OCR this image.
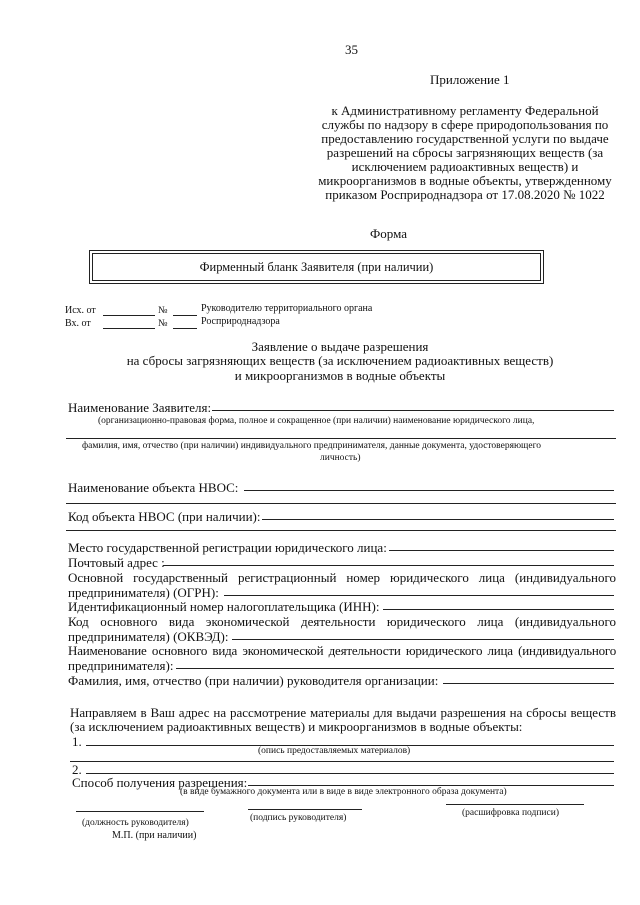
35
Приложение 1
к Административному регламенту Федеральной
службы по надзору в сфере природопользования по
предоставлению государственной услуги по выдаче
разрешений на сбросы загрязняющих веществ (за
исключением радиоактивных веществ) и
микроорганизмов в водные объекты, утвержденному
приказом Росприроднадзора от 17.08.2020 № 1022
Форма
Фирменный бланк Заявителя (при наличии)
Исх. от	№	Руководителю территориального органа
Вх. от	№	Росприроднадзора
Заявление о выдаче разрешения
на сбросы загрязняющих веществ (за исключением радиоактивных веществ)
и микроорганизмов в водные объекты
Наименование Заявителя:
(организационно-правовая форма, полное и сокращенное (при наличии) наименование юридического лица,
фамилия, имя, отчество (при наличии) индивидуального предпринимателя, данные документа, удостоверяющего
личность)
Наименование объекта НВОС:
Код объекта НВОС (при наличии):
Место государственной регистрации юридического лица:
Почтовый адрес :
Основной государственный регистрационный номер юридического лица (индивидуального
предпринимателя) (ОГРН):
Идентификационный номер налогоплательщика (ИНН):
Код основного вида экономической деятельности юридического лица (индивидуального
предпринимателя) (ОКВЭД):
Наименование основного вида экономической деятельности юридического лица (индивидуального
предпринимателя):
Фамилия, имя, отчество (при наличии) руководителя организации:
Направляем в Ваш адрес на рассмотрение материалы для выдачи разрешения на сбросы веществ
(за исключением радиоактивных веществ) и микроорганизмов в водные объекты:
1.
(опись предоставляемых материалов)
2.
Способ получения разрешения:
(в виде бумажного документа или в виде в виде электронного образа документа)
(должность руководителя)	(подпись руководителя)	(расшифровка подписи)
М.П. (при наличии)
